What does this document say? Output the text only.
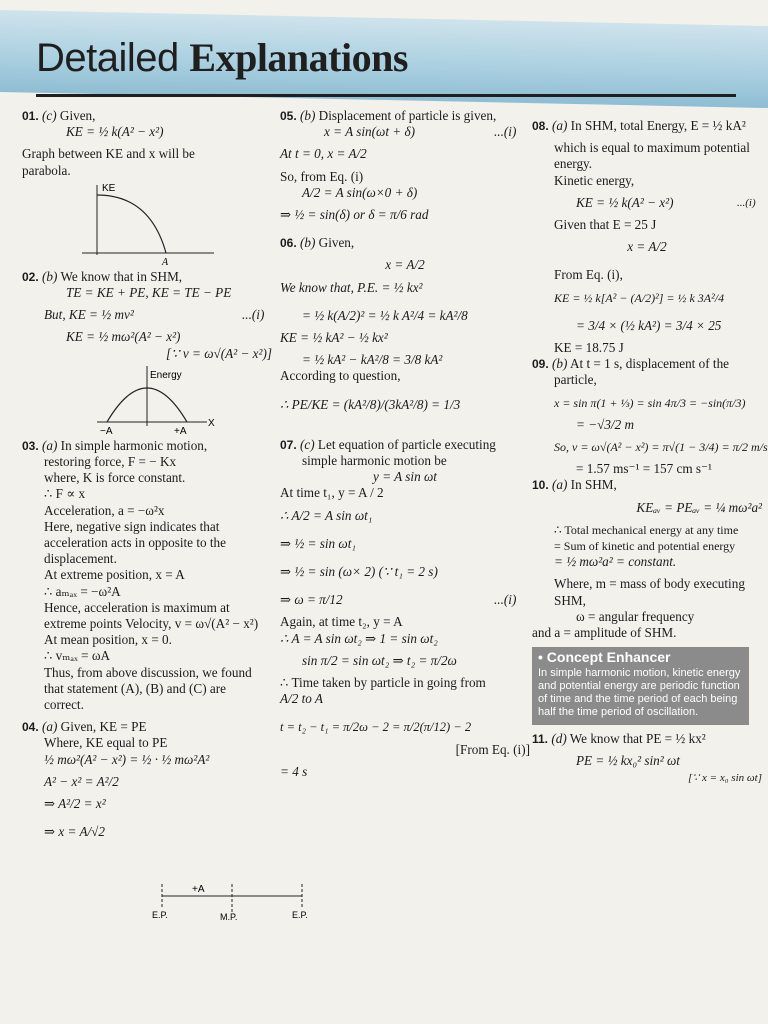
Detailed Explanations
01. (c) Given,
KE = ½ k(A² − x²)
Graph between KE and x will be
parabola.
KE
A
02. (b) We know that in SHM,
TE = KE + PE, KE = TE − PE
But, KE = ½ mv²	...(i)
KE = ½ mω²(A² − x²)
[∵ v = ω√(A² − x²)]
Energy
−A	+A
X
03. (a) In simple harmonic motion,
restoring force, F = − Kx
where, K is force constant.
∴ F ∝ x
Acceleration, a = −ω²x
Here, negative sign indicates that
acceleration acts in opposite to the
displacement.
At extreme position, x = A
∴ aₘₐₓ = −ω²A
Hence, acceleration is maximum at
extreme points Velocity, v = ω√(A² − x²)
At mean position, x = 0.
∴ vₘₐₓ = ωA
Thus, from above discussion, we found
that statement (A), (B) and (C) are
correct.
04. (a) Given, KE = PE
Where, KE equal to PE
½ mω²(A² − x²) = ½ · ½ mω²A²
A² − x² = A²/2
+A
E.P.	M.P.	E.P.
⇒ A²/2 = x²
⇒ x = A/√2
05. (b) Displacement of particle is given,
x = A sin(ωt + δ)	...(i)
At t = 0, x = A/2
So, from Eq. (i)
A/2 = A sin(ω×0 + δ)
⇒ ½ = sin(δ) or δ = π/6 rad
06. (b) Given,
x = A/2
We know that, P.E. = ½ kx²
= ½ k(A/2)² = ½ k A²/4 = kA²/8
KE = ½ kA² − ½ kx²
= ½ kA² − kA²/8 = 3/8 kA²
According to question,
∴ PE/KE = (kA²/8)/(3kA²/8) = 1/3
07. (c) Let equation of particle executing
simple harmonic motion be
y = A sin ωt
At time t₁, y = A / 2
∴ A/2 = A sin ωt₁
⇒ ½ = sin ωt₁
⇒ ½ = sin (ω× 2) (∵ t₁ = 2 s)
⇒ ω = π/12	...(i)
Again, at time t₂, y = A
∴ A = A sin ωt₂ ⇒ 1 = sin ωt₂
sin π/2 = sin ωt₂ ⇒ t₂ = π/2ω
∴ Time taken by particle in going from
A/2 to A
t = t₂ − t₁ = π/2ω − 2 = π/2(π/12) − 2
[From Eq. (i)]
= 4 s
08. (a) In SHM, total Energy, E = ½ kA²
which is equal to maximum potential
energy.
Kinetic energy,
KE = ½ k(A² − x²)	...(i)
Given that E = 25 J
x = A/2
From Eq. (i),
KE = ½ k[A² − (A/2)²] = ½ k 3A²/4
= 3/4 × (½ kA²) = 3/4 × 25
KE = 18.75 J
09. (b) At t = 1 s, displacement of the
particle,
x = sin π(1 + ⅓) = sin 4π/3 = −sin(π/3)
= −√3/2 m
So, v = ω√(A² − x²) = π√(1 − 3/4) = π/2 m/s
= 1.57 ms⁻¹ = 157 cm s⁻¹
10. (a) In SHM,
KEₐᵥ = PEₐᵥ = ¼ mω²a²
∴ Total mechanical energy at any time
= Sum of kinetic and potential energy
= ½ mω²a² = constant.
Where, m = mass of body executing
SHM,
ω = angular frequency
and a = amplitude of SHM.
• Concept Enhancer
In simple harmonic motion, kinetic energy and potential energy are periodic function of time and the time period of each being half the time period of oscillation.
11. (d) We know that PE = ½ kx²
PE = ½ kx₀² sin² ωt
[∵ x = x₀ sin ωt]
